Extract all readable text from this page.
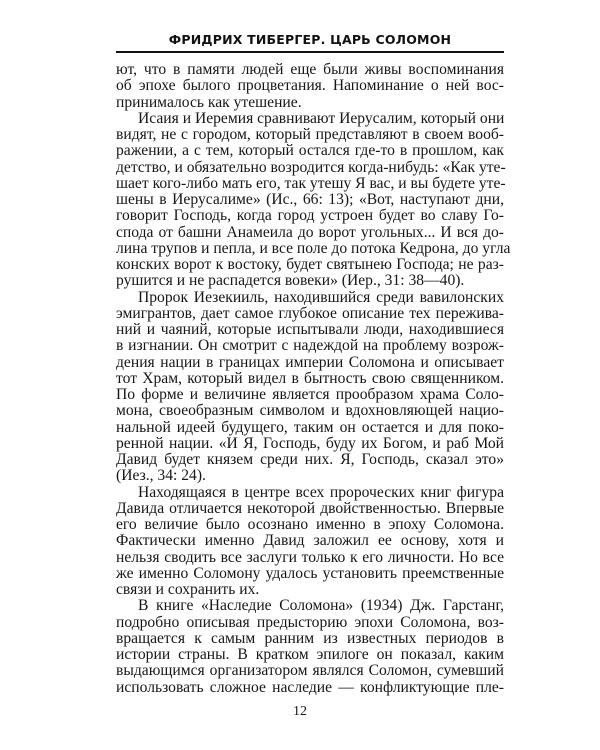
ФРИДРИХ ТИБЕРГЕР. ЦАРЬ СОЛОМОН
ют, что в памяти людей еще были живы воспоминания
об эпохе былого процветания. Напоминание о ней вос-
принималось как утешение.
Исаия и Иеремия сравнивают Иерусалим, который они
видят, не с городом, который представляют в своем вооб-
ражении, а с тем, который остался где-то в прошлом, как
детство, и обязательно возродится когда-нибудь: «Как уте-
шает кого-либо мать его, так утешу Я вас, и вы будете уте-
шены в Иерусалиме» (Ис., 66: 13); «Вот, наступают дни,
говорит Господь, когда город устроен будет во славу Го-
спода от башни Анамеила до ворот угольных... И вся до-
лина трупов и пепла, и все поле до потока Кедрона, до угла
конских ворот к востоку, будет святынею Господа; не раз-
рушится и не распадется вовеки» (Иер., 31: 38—40).
Пророк Иезекииль, находившийся среди вавилонских
эмигрантов, дает самое глубокое описание тех пережива-
ний и чаяний, которые испытывали люди, находившиеся
в изгнании. Он смотрит с надеждой на проблему возрож-
дения нации в границах империи Соломона и описывает
тот Храм, который видел в бытность свою священником.
По форме и величине является прообразом храма Соло-
мона, своеобразным символом и вдохновляющей нацио-
нальной идеей будущего, таким он остается и для поко-
ренной нации. «И Я, Господь, буду их Богом, и раб Мой
Давид будет князем среди них. Я, Господь, сказал это»
(Иез., 34: 24).
Находящаяся в центре всех пророческих книг фигура
Давида отличается некоторой двойственностью. Впервые
его величие было осознано именно в эпоху Соломона.
Фактически именно Давид заложил ее основу, хотя и
нельзя сводить все заслуги только к его личности. Но все
же именно Соломону удалось установить преемственные
связи и сохранить их.
В книге «Наследие Соломона» (1934) Дж. Гарстанг,
подробно описывая предысторию эпохи Соломона, воз-
вращается к самым ранним из известных периодов в
истории страны. В кратком эпилоге он показал, каким
выдающимся организатором являлся Соломон, сумевший
использовать сложное наследие — конфликтующие пле-
12
